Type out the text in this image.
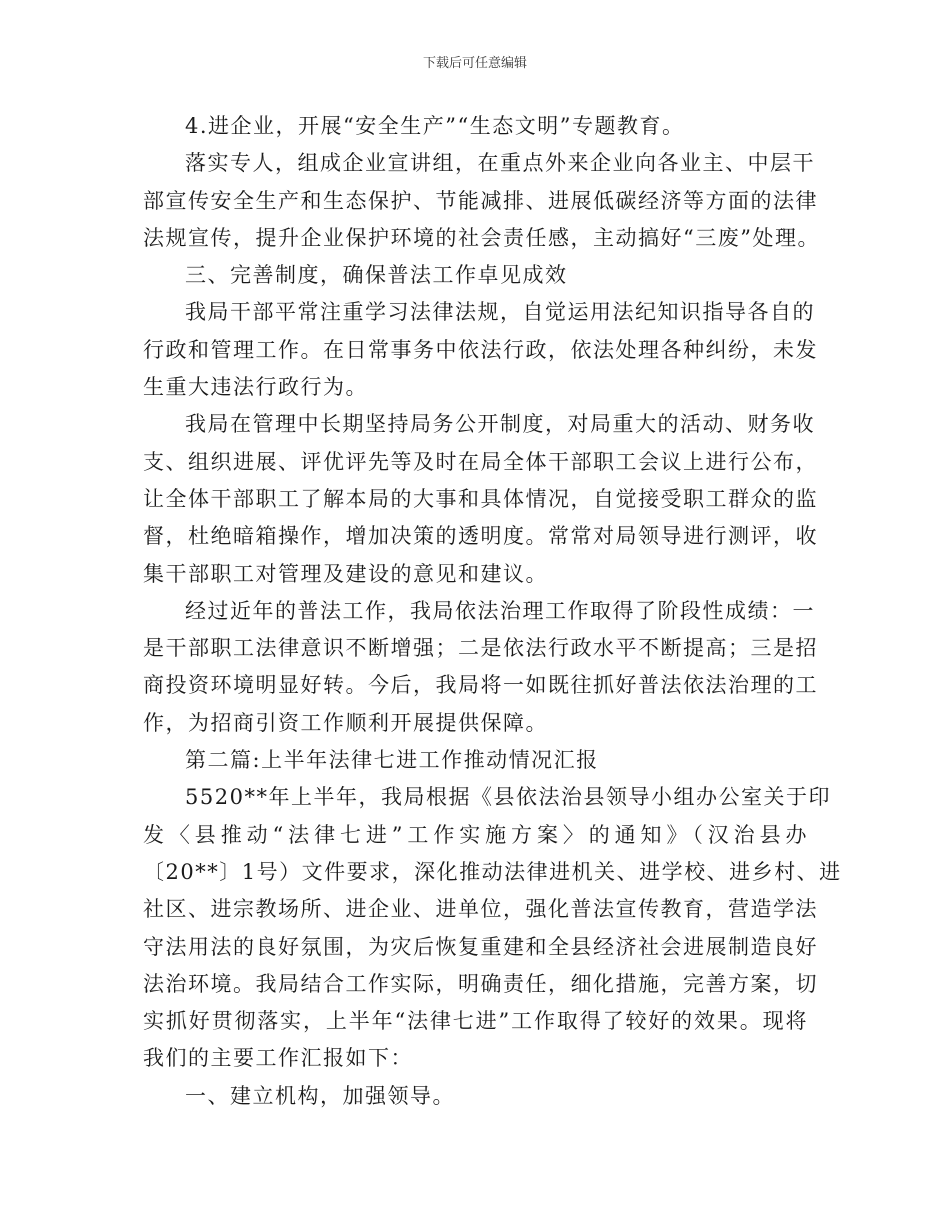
下载后可任意编辑
4.进企业，开展“安全生产”“生态文明”专题教育。
落实专人，组成企业宣讲组，在重点外来企业向各业主、中层干
部宣传安全生产和生态保护、节能减排、进展低碳经济等方面的法律
法规宣传，提升企业保护环境的社会责任感，主动搞好“三废”处理。
三、完善制度，确保普法工作卓见成效
我局干部平常注重学习法律法规，自觉运用法纪知识指导各自的
行政和管理工作。在日常事务中依法行政，依法处理各种纠纷，未发
生重大违法行政行为。
我局在管理中长期坚持局务公开制度，对局重大的活动、财务收
支、组织进展、评优评先等及时在局全体干部职工会议上进行公布，
让全体干部职工了解本局的大事和具体情况，自觉接受职工群众的监
督，杜绝暗箱操作，增加决策的透明度。常常对局领导进行测评，收
集干部职工对管理及建设的意见和建议。
经过近年的普法工作，我局依法治理工作取得了阶段性成绩：一
是干部职工法律意识不断增强；二是依法行政水平不断提高；三是招
商投资环境明显好转。今后，我局将一如既往抓好普法依法治理的工
作，为招商引资工作顺利开展提供保障。
第二篇:上半年法律七进工作推动情况汇报
5520**年上半年，我局根据《县依法治县领导小组办公室关于印
发〈县推动“法律七进”工作实施方案〉的通知》（汉治县办
〔20**〕1号）文件要求，深化推动法律进机关、进学校、进乡村、进
社区、进宗教场所、进企业、进单位，强化普法宣传教育，营造学法
守法用法的良好氛围，为灾后恢复重建和全县经济社会进展制造良好
法治环境。我局结合工作实际，明确责任，细化措施，完善方案，切
实抓好贯彻落实，上半年“法律七进”工作取得了较好的效果。现将
我们的主要工作汇报如下：
一、建立机构，加强领导。
